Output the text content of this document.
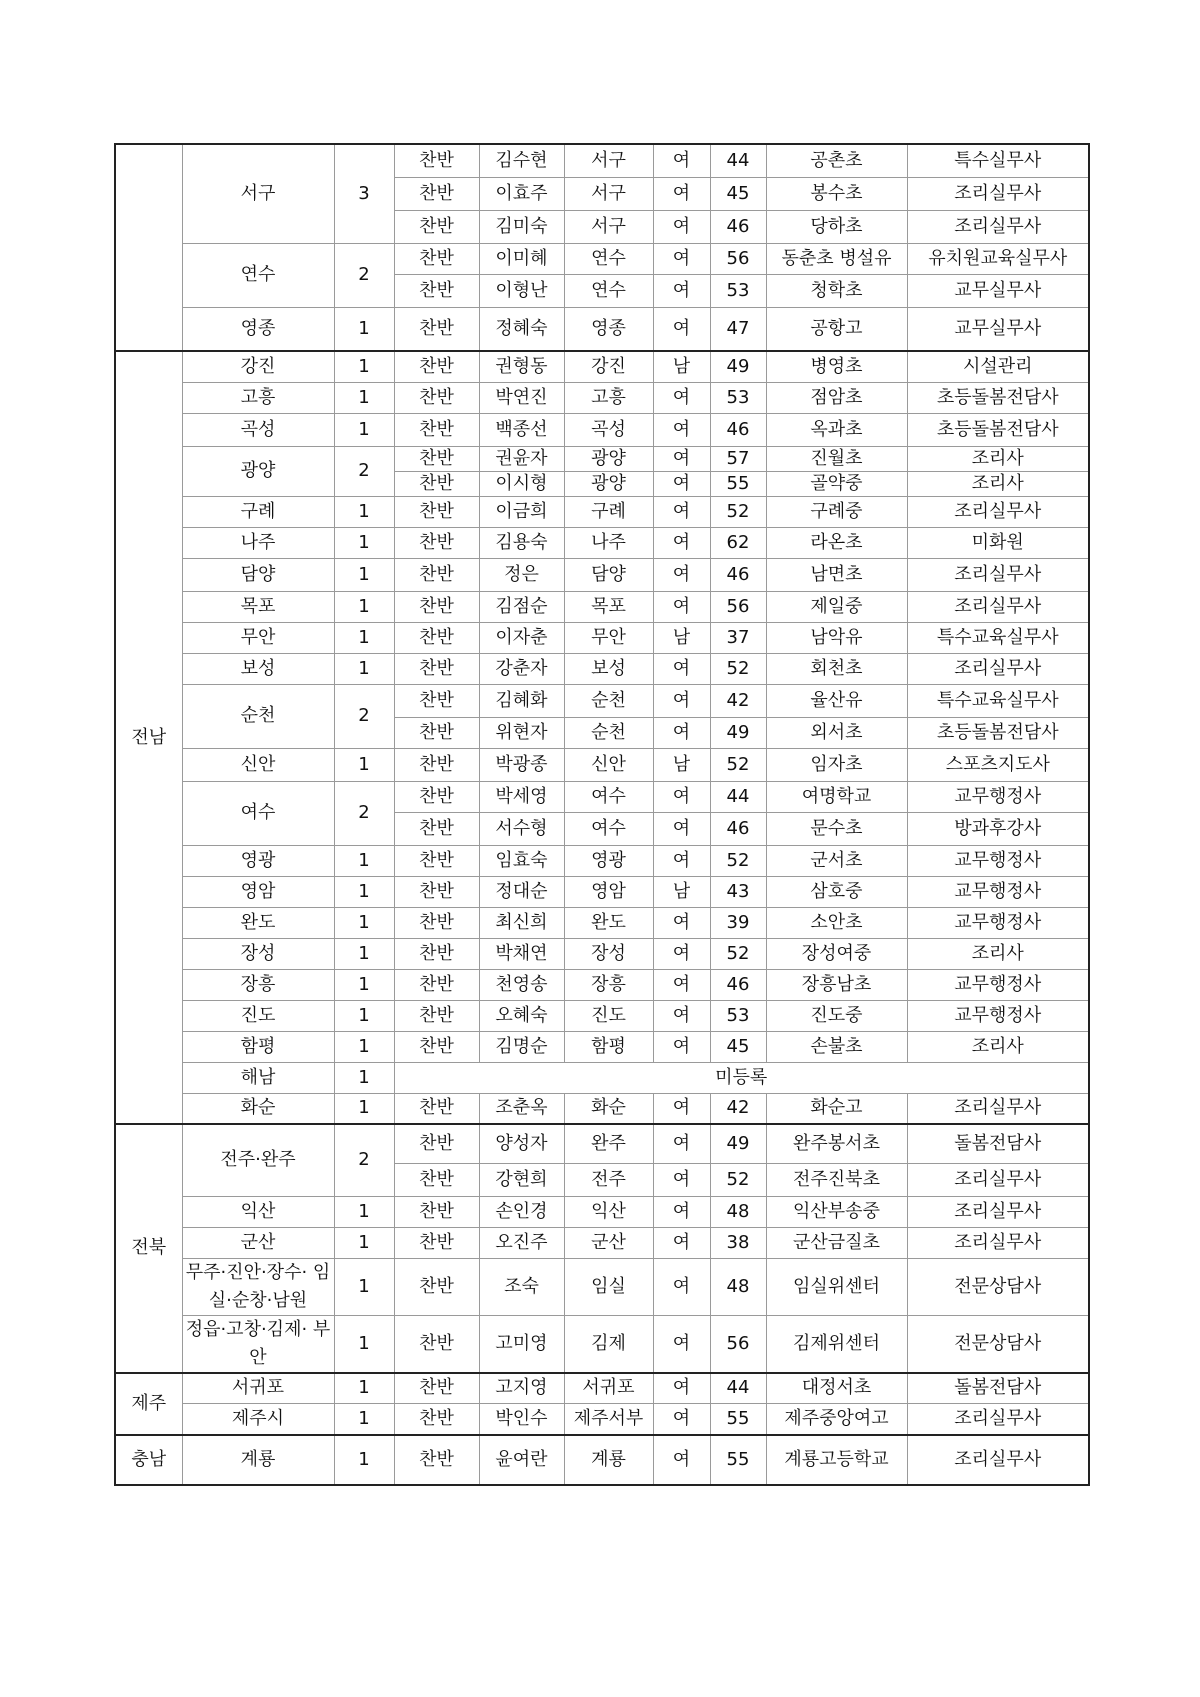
	서구	3	찬반	김수현	서구	여	44	공촌초	특수실무사
			찬반	이효주	서구	여	45	봉수초	조리실무사
			찬반	김미숙	서구	여	46	당하초	조리실무사
	연수	2	찬반	이미혜	연수	여	56	동춘초 병설유	유치원교육실무사
			찬반	이형난	연수	여	53	청학초	교무실무사
	영종	1	찬반	정혜숙	영종	여	47	공항고	교무실무사
전남	강진	1	찬반	권형동	강진	남	49	병영초	시설관리
	고흥	1	찬반	박연진	고흥	여	53	점암초	초등돌봄전담사
	곡성	1	찬반	백종선	곡성	여	46	옥과초	초등돌봄전담사
	광양	2	찬반	권윤자	광양	여	57	진월초	조리사
			찬반	이시형	광양	여	55	골약중	조리사
	구례	1	찬반	이금희	구례	여	52	구례중	조리실무사
	나주	1	찬반	김용숙	나주	여	62	라온초	미화원
	담양	1	찬반	정은	담양	여	46	남면초	조리실무사
	목포	1	찬반	김점순	목포	여	56	제일중	조리실무사
	무안	1	찬반	이자춘	무안	남	37	남악유	특수교육실무사
	보성	1	찬반	강춘자	보성	여	52	회천초	조리실무사
	순천	2	찬반	김혜화	순천	여	42	율산유	특수교육실무사
			찬반	위현자	순천	여	49	외서초	초등돌봄전담사
	신안	1	찬반	박광종	신안	남	52	임자초	스포츠지도사
	여수	2	찬반	박세영	여수	여	44	여명학교	교무행정사
			찬반	서수형	여수	여	46	문수초	방과후강사
	영광	1	찬반	임효숙	영광	여	52	군서초	교무행정사
	영암	1	찬반	정대순	영암	남	43	삼호중	교무행정사
	완도	1	찬반	최신희	완도	여	39	소안초	교무행정사
	장성	1	찬반	박채연	장성	여	52	장성여중	조리사
	장흥	1	찬반	천영송	장흥	여	46	장흥남초	교무행정사
	진도	1	찬반	오혜숙	진도	여	53	진도중	교무행정사
	함평	1	찬반	김명순	함평	여	45	손불초	조리사
	해남	1	미등록						
	화순	1	찬반	조춘옥	화순	여	42	화순고	조리실무사
전북	전주·완주	2	찬반	양성자	완주	여	49	완주봉서초	돌봄전담사
			찬반	강현희	전주	여	52	전주진북초	조리실무사
	익산	1	찬반	손인경	익산	여	48	익산부송중	조리실무사
	군산	1	찬반	오진주	군산	여	38	군산금질초	조리실무사
	무주·진안·장수· 임실·순창·남원	1	찬반	조숙	임실	여	48	임실위센터	전문상담사
	정읍·고창·김제· 부안	1	찬반	고미영	김제	여	56	김제위센터	전문상담사
제주	서귀포	1	찬반	고지영	서귀포	여	44	대정서초	돌봄전담사
	제주시	1	찬반	박인수	제주서부	여	55	제주중앙여고	조리실무사
충남	계룡	1	찬반	윤여란	계룡	여	55	계룡고등학교	조리실무사
